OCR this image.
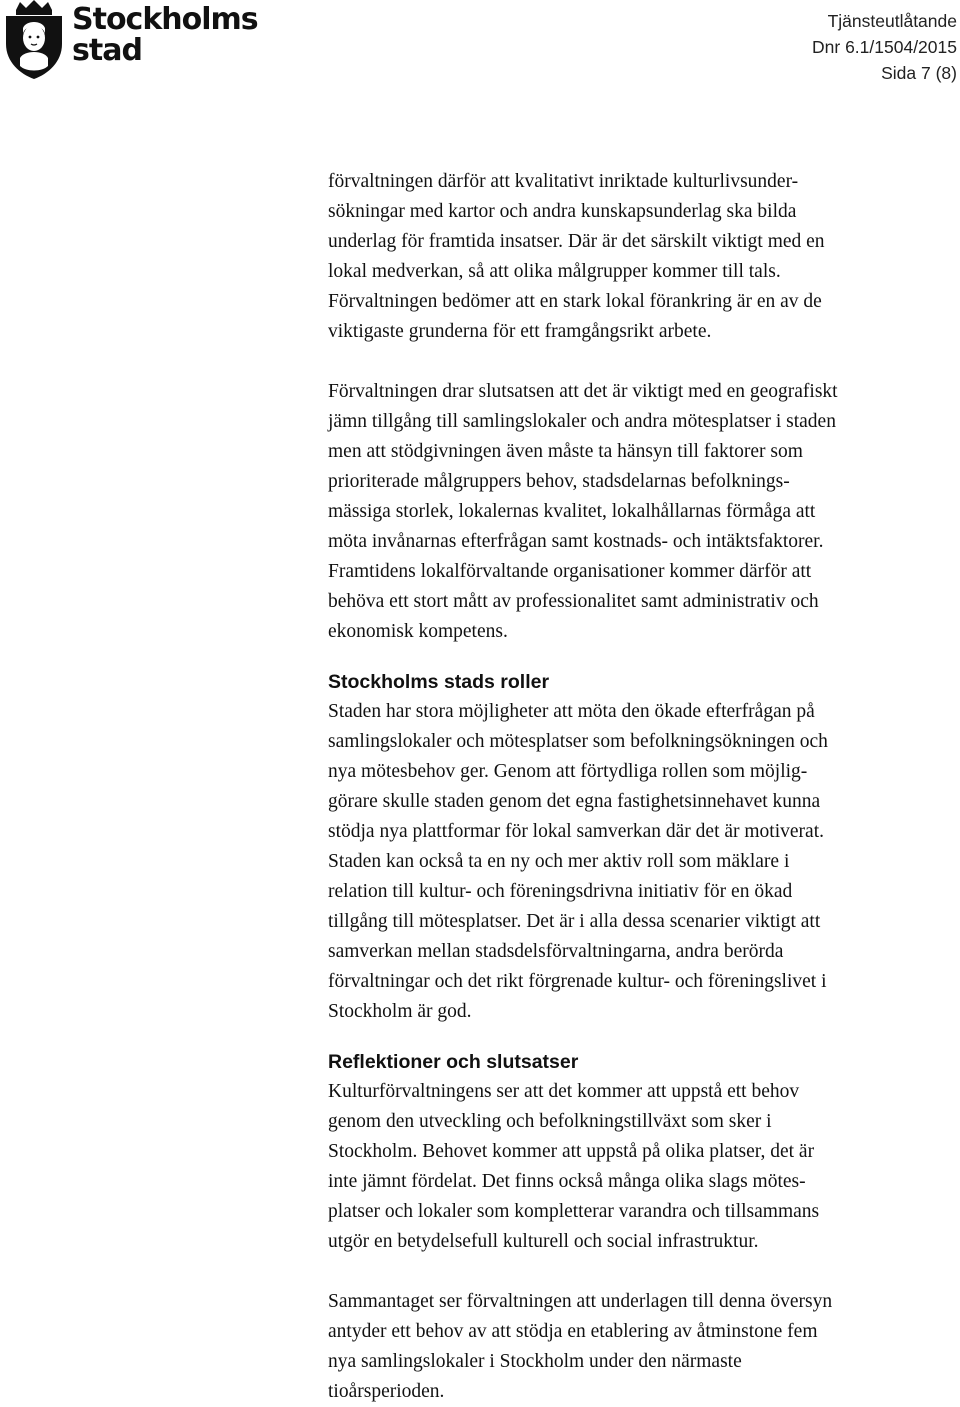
Stockholms
stad
Tjänsteutlåtande
Dnr 6.1/1504/2015
Sida 7 (8)

förvaltningen därför att kvalitativt inriktade kulturlivsunder-
sökningar med kartor och andra kunskapsunderlag ska bilda
underlag för framtida insatser. Där är det särskilt viktigt med en
lokal medverkan, så att olika målgrupper kommer till tals.
Förvaltningen bedömer att en stark lokal förankring är en av de
viktigaste grunderna för ett framgångsrikt arbete.

Förvaltningen drar slutsatsen att det är viktigt med en geografiskt
jämn tillgång till samlingslokaler och andra mötesplatser i staden
men att stödgivningen även måste ta hänsyn till faktorer som
prioriterade målgruppers behov, stadsdelarnas befolknings-
mässiga storlek, lokalernas kvalitet, lokalhållarnas förmåga att
möta invånarnas efterfrågan samt kostnads- och intäktsfaktorer.
Framtidens lokalförvaltande organisationer kommer därför att
behöva ett stort mått av professionalitet samt administrativ och
ekonomisk kompetens.

Stockholms stads roller

Staden har stora möjligheter att möta den ökade efterfrågan på
samlingslokaler och mötesplatser som befolkningsökningen och
nya mötesbehov ger. Genom att förtydliga rollen som möjlig-
görare skulle staden genom det egna fastighetsinnehavet kunna
stödja nya plattformar för lokal samverkan där det är motiverat.
Staden kan också ta en ny och mer aktiv roll som mäklare i
relation till kultur- och föreningsdrivna initiativ för en ökad
tillgång till mötesplatser. Det är i alla dessa scenarier viktigt att
samverkan mellan stadsdelsförvaltningarna, andra berörda
förvaltningar och det rikt förgrenade kultur- och föreningslivet i
Stockholm är god.

Reflektioner och slutsatser

Kulturförvaltningens ser att det kommer att uppstå ett behov
genom den utveckling och befolkningstillväxt som sker i
Stockholm. Behovet kommer att uppstå på olika platser, det är
inte jämnt fördelat. Det finns också många olika slags mötes-
platser och lokaler som kompletterar varandra och tillsammans
utgör en betydelsefull kulturell och social infrastruktur.

Sammantaget ser förvaltningen att underlagen till denna översyn
antyder ett behov av att stödja en etablering av åtminstone fem
nya samlingslokaler i Stockholm under den närmaste
tioårsperioden.
